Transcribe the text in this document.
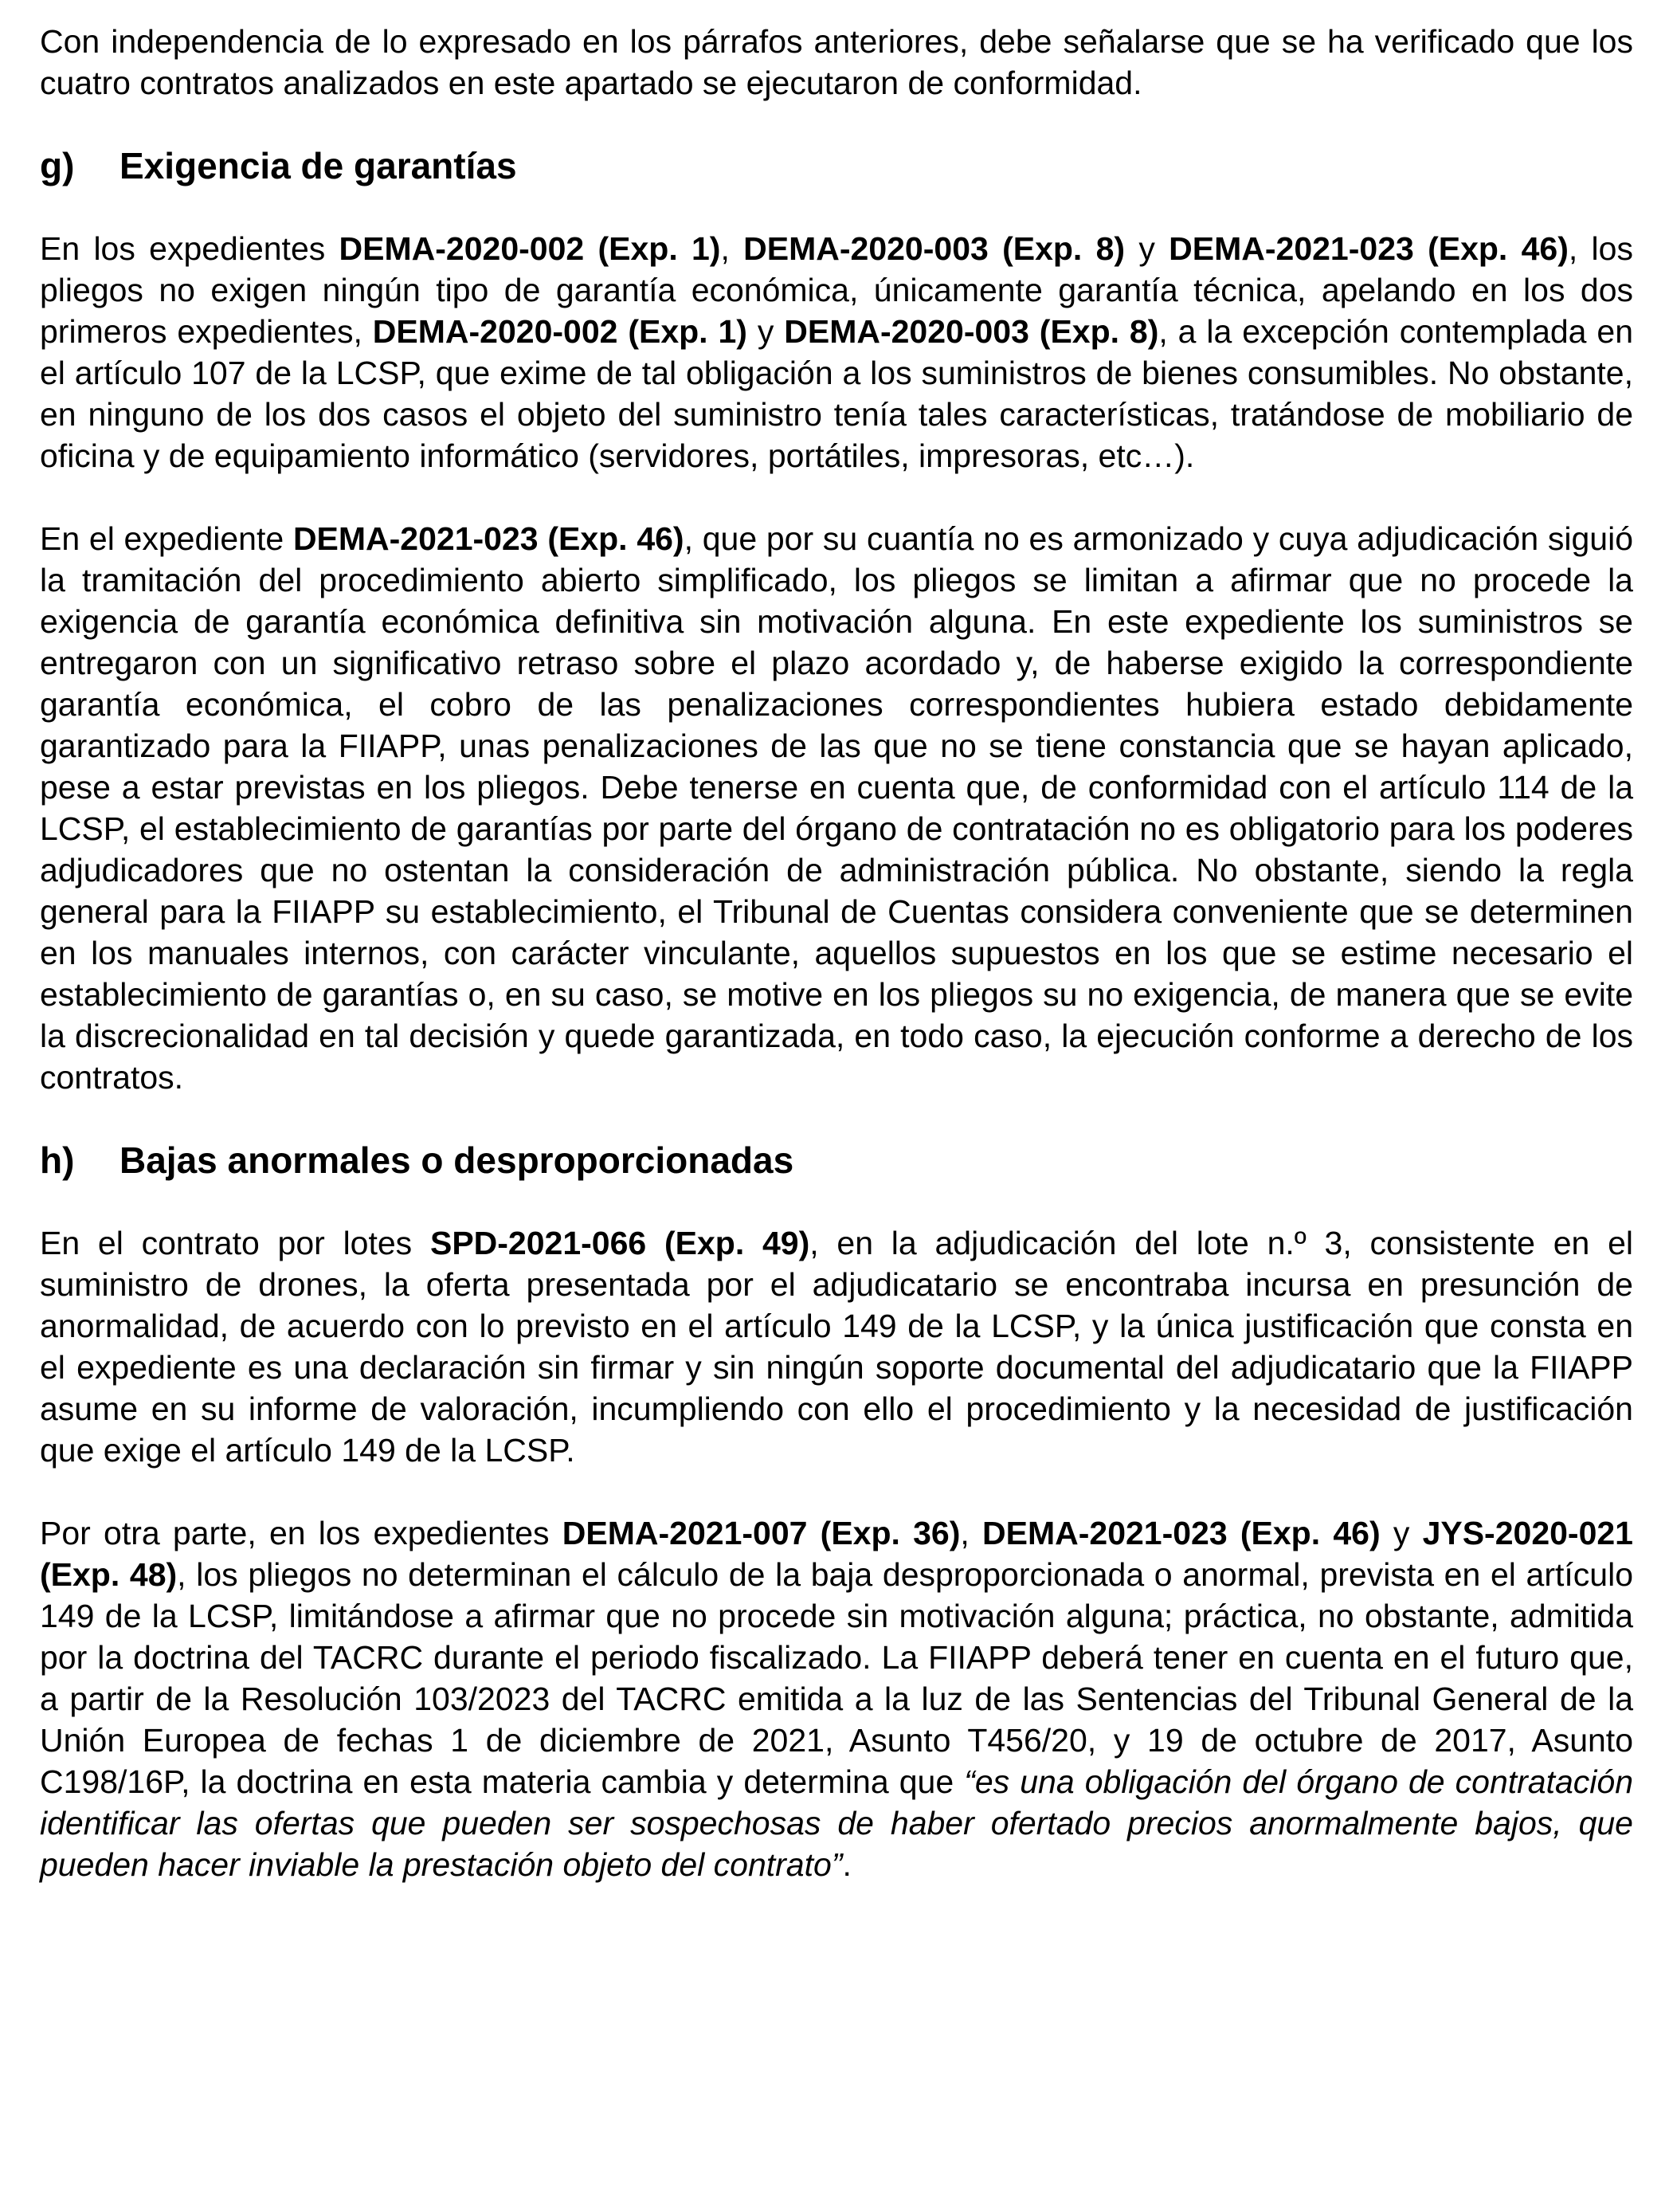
Con independencia de lo expresado en los párrafos anteriores, debe señalarse que se ha verificado que los cuatro contratos analizados en este apartado se ejecutaron de conformidad.

g)	Exigencia de garantías

En los expedientes DEMA-2020-002 (Exp. 1), DEMA-2020-003 (Exp. 8) y DEMA-2021-023 (Exp. 46), los pliegos no exigen ningún tipo de garantía económica, únicamente garantía técnica, apelando en los dos primeros expedientes, DEMA-2020-002 (Exp. 1) y DEMA-2020-003 (Exp. 8), a la excepción contemplada en el artículo 107 de la LCSP, que exime de tal obligación a los suministros de bienes consumibles. No obstante, en ninguno de los dos casos el objeto del suministro tenía tales características, tratándose de mobiliario de oficina y de equipamiento informático (servidores, portátiles, impresoras, etc…).

En el expediente DEMA-2021-023 (Exp. 46), que por su cuantía no es armonizado y cuya adjudicación siguió la tramitación del procedimiento abierto simplificado, los pliegos se limitan a afirmar que no procede la exigencia de garantía económica definitiva sin motivación alguna. En este expediente los suministros se entregaron con un significativo retraso sobre el plazo acordado y, de haberse exigido la correspondiente garantía económica, el cobro de las penalizaciones correspondientes hubiera estado debidamente garantizado para la FIIAPP, unas penalizaciones de las que no se tiene constancia que se hayan aplicado, pese a estar previstas en los pliegos. Debe tenerse en cuenta que, de conformidad con el artículo 114 de la LCSP, el establecimiento de garantías por parte del órgano de contratación no es obligatorio para los poderes adjudicadores que no ostentan la consideración de administración pública. No obstante, siendo la regla general para la FIIAPP su establecimiento, el Tribunal de Cuentas considera conveniente que se determinen en los manuales internos, con carácter vinculante, aquellos supuestos en los que se estime necesario el establecimiento de garantías o, en su caso, se motive en los pliegos su no exigencia, de manera que se evite la discrecionalidad en tal decisión y quede garantizada, en todo caso, la ejecución conforme a derecho de los contratos.

h)	Bajas anormales o desproporcionadas

En el contrato por lotes SPD-2021-066 (Exp. 49), en la adjudicación del lote n.º 3, consistente en el suministro de drones, la oferta presentada por el adjudicatario se encontraba incursa en presunción de anormalidad, de acuerdo con lo previsto en el artículo 149 de la LCSP, y la única justificación que consta en el expediente es una declaración sin firmar y sin ningún soporte documental del adjudicatario que la FIIAPP asume en su informe de valoración, incumpliendo con ello el procedimiento y la necesidad de justificación que exige el artículo 149 de la LCSP.

Por otra parte, en los expedientes DEMA-2021-007 (Exp. 36), DEMA-2021-023 (Exp. 46) y JYS-2020-021 (Exp. 48), los pliegos no determinan el cálculo de la baja desproporcionada o anormal, prevista en el artículo 149 de la LCSP, limitándose a afirmar que no procede sin motivación alguna; práctica, no obstante, admitida por la doctrina del TACRC durante el periodo fiscalizado. La FIIAPP deberá tener en cuenta en el futuro que, a partir de la Resolución 103/2023 del TACRC emitida a la luz de las Sentencias del Tribunal General de la Unión Europea de fechas 1 de diciembre de 2021, Asunto T456/20, y 19 de octubre de 2017, Asunto C198/16P, la doctrina en esta materia cambia y determina que “es una obligación del órgano de contratación identificar las ofertas que pueden ser sospechosas de haber ofertado precios anormalmente bajos, que pueden hacer inviable la prestación objeto del contrato”.
